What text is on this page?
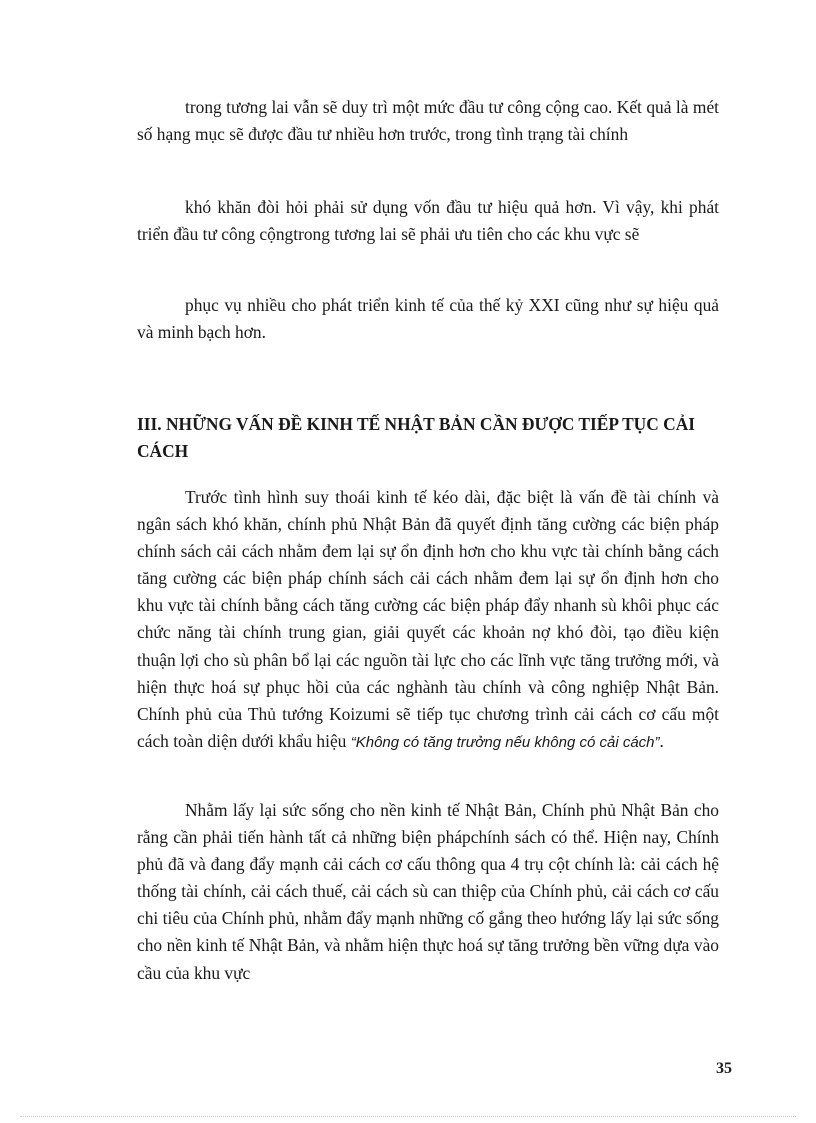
trong tương lai vẫn sẽ duy trì một mức đầu tư công cộng cao. Kết quả là mét số hạng mục sẽ được đầu tư nhiều hơn trước, trong tình trạng tài chính

khó khăn đòi hỏi phải sử dụng vốn đầu tư hiệu quả hơn. Vì vậy, khi phát triển đầu tư công cộngtrong tương lai sẽ phải ưu tiên cho các khu vực sẽ

phục vụ nhiều cho phát triển kinh tế của thế kỷ XXI cũng như sự hiệu quả và minh bạch hơn.

III. NHỮNG VẤN ĐỀ KINH TẾ NHẬT BẢN CẦN ĐƯỢC TIẾP TỤC CẢI CÁCH

Trước tình hình suy thoái kinh tế kéo dài, đặc biệt là vấn đề tài chính và ngân sách khó khăn, chính phủ Nhật Bản đã quyết định tăng cường các biện pháp chính sách cải cách nhằm đem lại sự ổn định hơn cho khu vực tài chính bằng cách tăng cường các biện pháp chính sách cải cách nhằm đem lại sự ổn định hơn cho khu vực tài chính bằng cách tăng cường các biện pháp đẩy nhanh sù khôi phục các chức năng tài chính trung gian, giải quyết các khoản nợ khó đòi, tạo điều kiện thuận lợi cho sù phân bổ lại các nguồn tài lực cho các lĩnh vực tăng trưởng mới, và hiện thực hoá sự phục hồi của các nghành tàu chính và công nghiệp Nhật Bản. Chính phủ của Thủ tướng Koizumi sẽ tiếp tục chương trình cải cách cơ cấu một cách toàn diện dưới khẩu hiệu “Không có tăng trưởng nếu không có cải cách”.

Nhằm lấy lại sức sống cho nền kinh tế Nhật Bản, Chính phủ Nhật Bản cho rằng cần phải tiến hành tất cả những biện phápchính sách có thể. Hiện nay, Chính phủ đã và đang đẩy mạnh cải cách cơ cấu thông qua 4 trụ cột chính là: cải cách hệ thống tài chính, cải cách thuế, cải cách sù can thiệp của Chính phủ, cải cách cơ cấu chi tiêu của Chính phủ, nhằm đẩy mạnh những cố gắng theo hướng lấy lại sức sống cho nền kinh tế Nhật Bản, và nhằm hiện thực hoá sự tăng trưởng bền vững dựa vào cầu của khu vực

35
